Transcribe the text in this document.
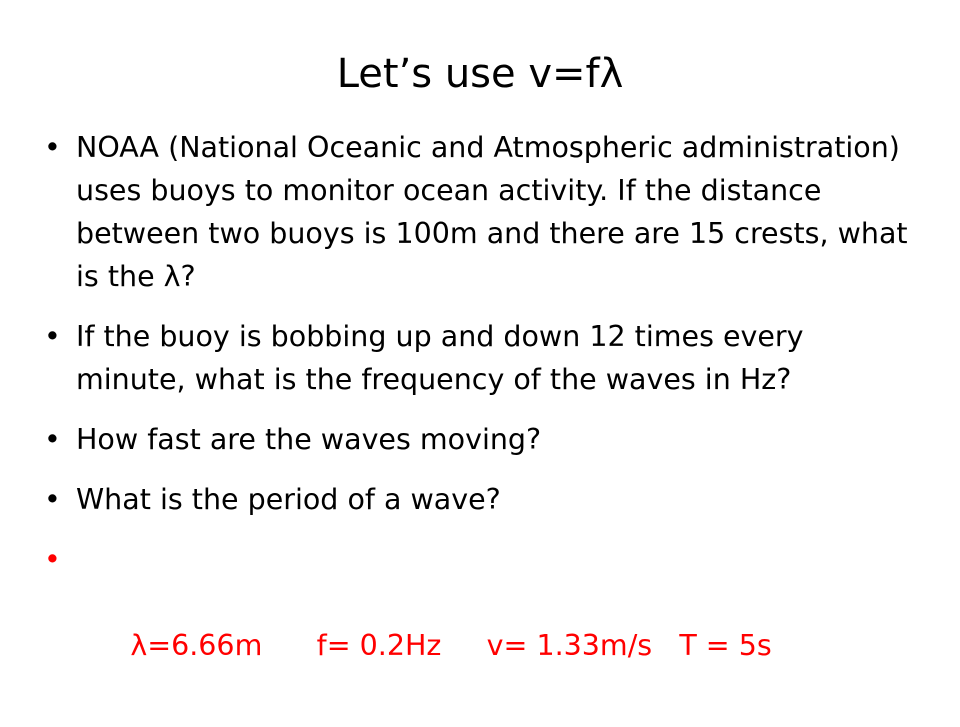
Let’s use v=fλ
• NOAA (National Oceanic and Atmospheric administration) uses buoys to monitor ocean activity. If the distance between two buoys is 100m and there are 15 crests, what is the λ?
• If the buoy is bobbing up and down 12 times every minute, what is the frequency of the waves in Hz?
• How fast are the waves moving?
• What is the period of a wave?

•

λ=6.66m      f= 0.2Hz     v= 1.33m/s   T = 5s
